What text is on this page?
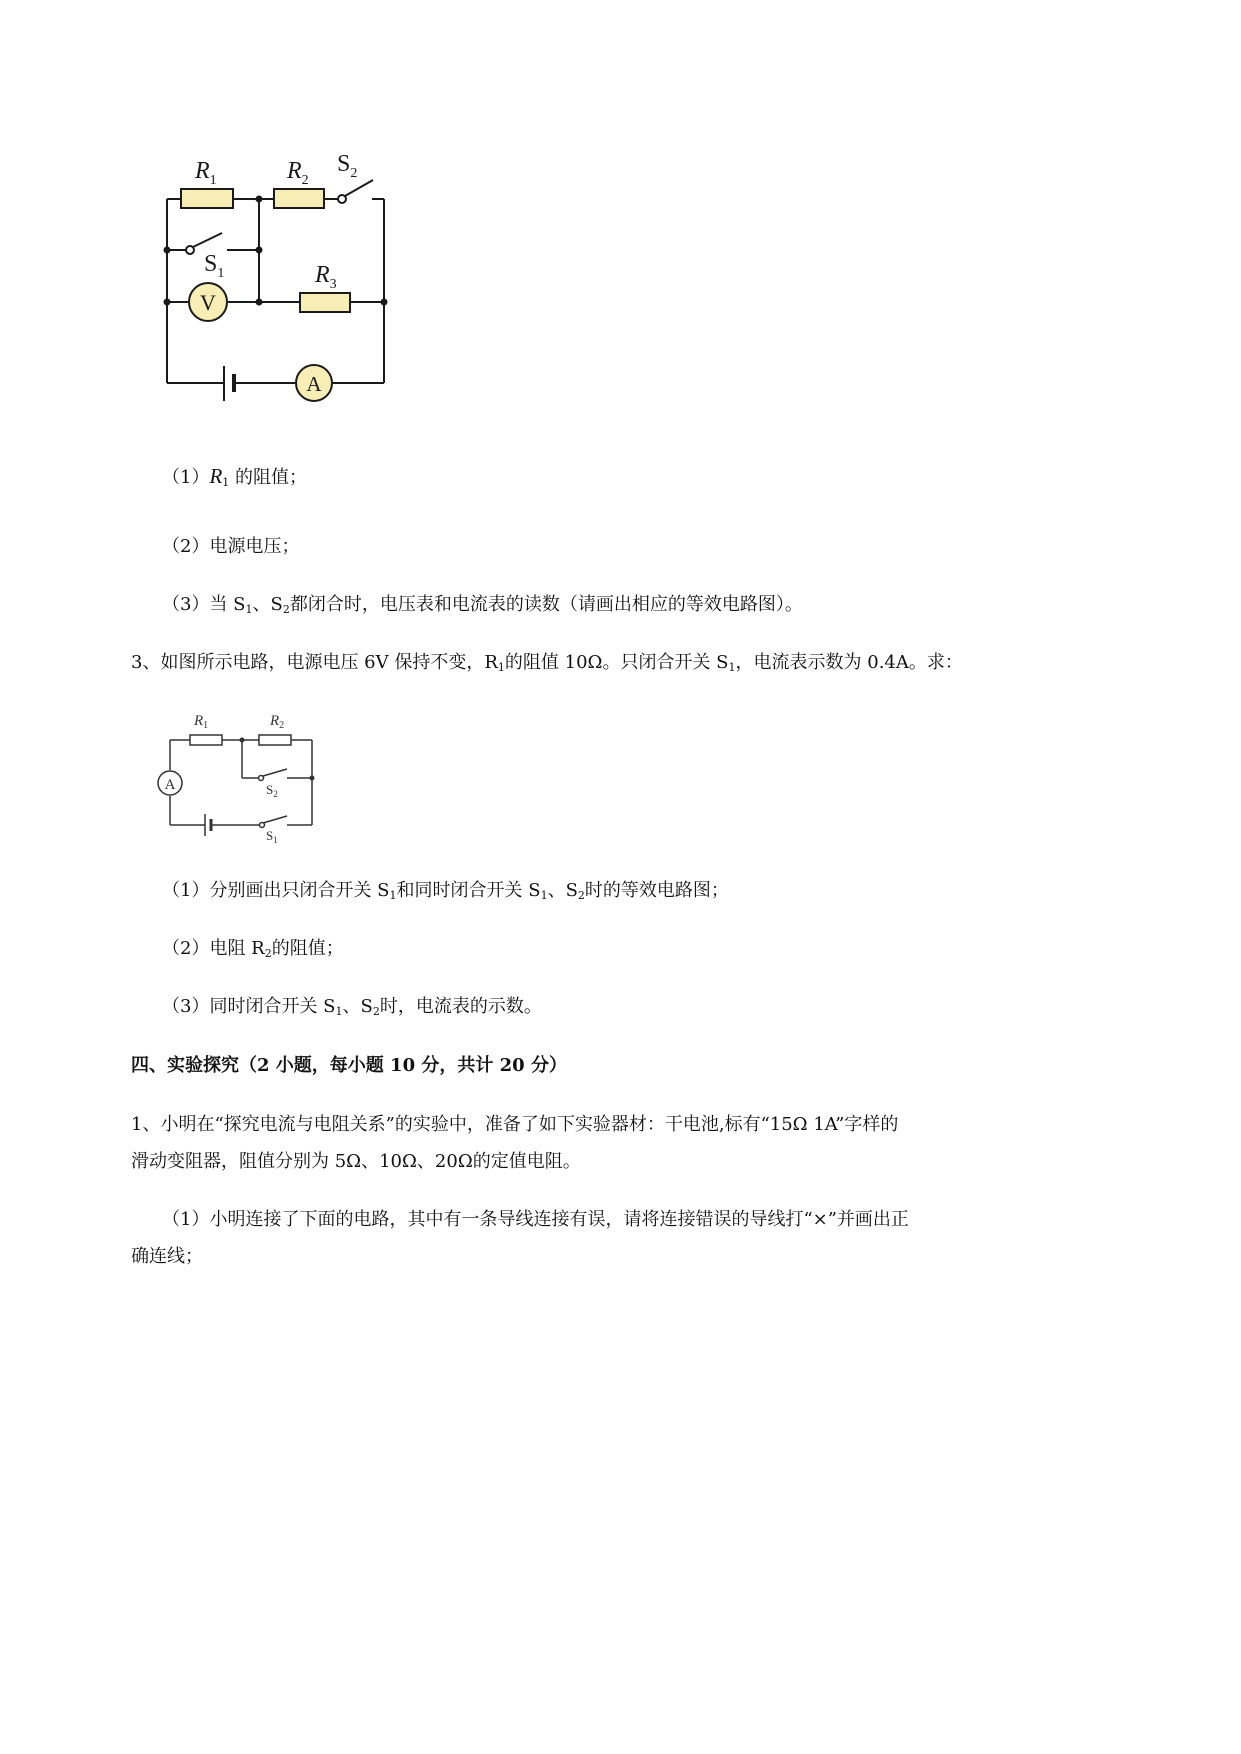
V
A
$R_1$	$R_2$
$S_2$
$S_1$	$R_3$
$(1)R_1$ 的阻值；
（2）电源电压；
（3）当 $S_1$、$S_2$都闭合时，电压表和电流表的读数（请画出相应的等效电路图）。
3、如图所示电路，电源电压 6V 保持不变，$R_1$的阻值 10Ω。只闭合开关 $S_1$，电流表示数为 0.4A。求：
A
$R_1$	$R_2$
$S_2$
$S_1$
（1）分别画出只闭合开关 $S_1$和同时闭合开关 $S_1$、$S_2$时的等效电路图；
（2）电阻 $R_2$的阻值；
（3）同时闭合开关 $S_1$、$S_2$时，电流表的示数。
四、实验探究（2 小题，每小题 10 分，共计 20 分）
1、小明在“探究电流与电阻关系”的实验中，准备了如下实验器材：干电池,标有“15Ω 1A”字样的
滑动变阻器，阻值分别为 5Ω、10Ω、20Ω的定值电阻。
（1）小明连接了下面的电路，其中有一条导线连接有误，请将连接错误的导线打“×”并画出正
确连线；
